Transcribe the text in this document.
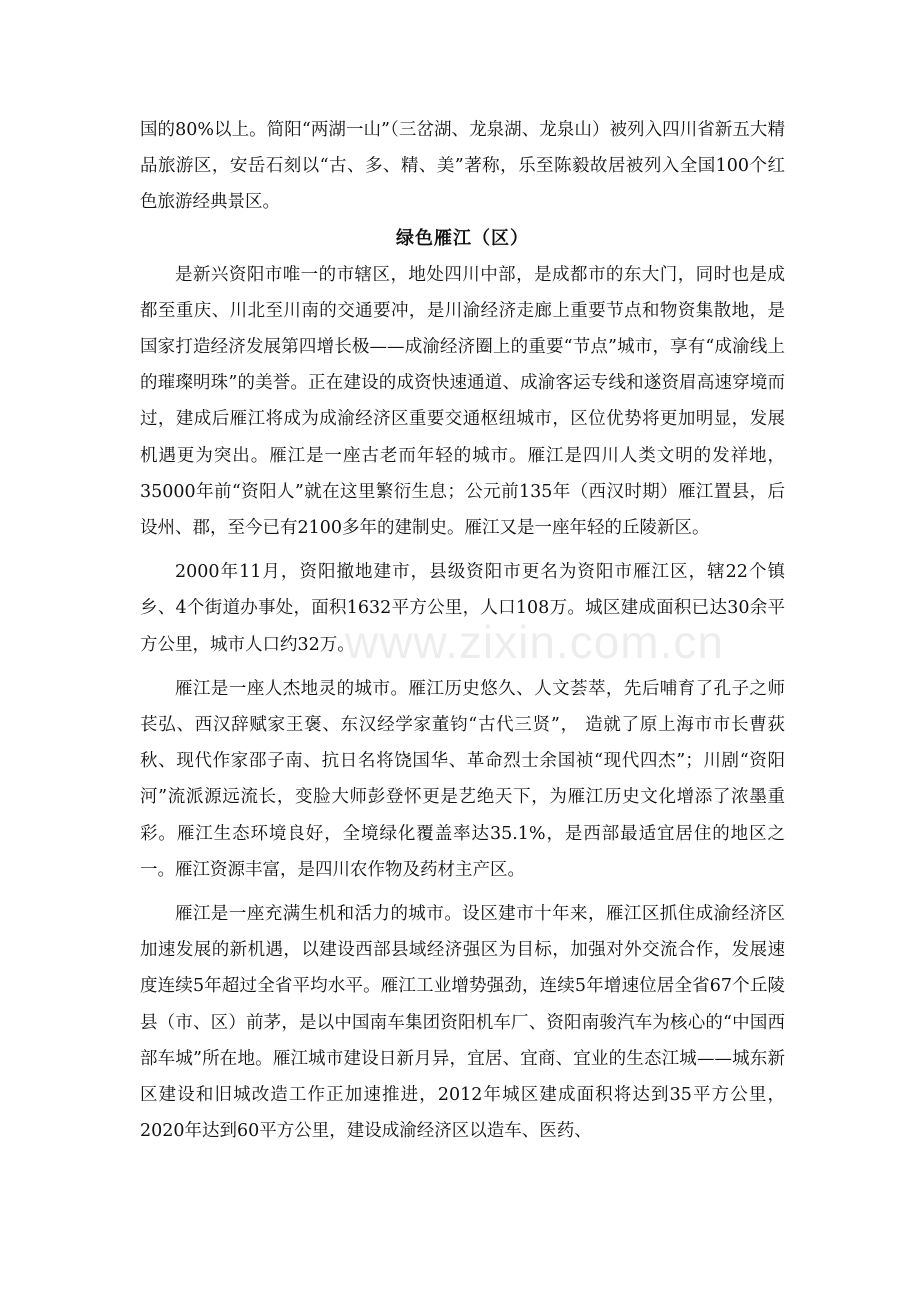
国的80%以上。简阳“两湖一山”（三岔湖、龙泉湖、龙泉山）被列入四川省新五大精品旅游区，安岳石刻以“古、多、精、美”著称，乐至陈毅故居被列入全国100个红色旅游经典景区。

绿色雁江（区）

是新兴资阳市唯一的市辖区，地处四川中部，是成都市的东大门，同时也是成都至重庆、川北至川南的交通要冲，是川渝经济走廊上重要节点和物资集散地，是国家打造经济发展第四增长极——成渝经济圈上的重要“节点”城市，享有“成渝线上的璀璨明珠”的美誉。正在建设的成资快速通道、成渝客运专线和遂资眉高速穿境而过，建成后雁江将成为成渝经济区重要交通枢纽城市，区位优势将更加明显，发展机遇更为突出。雁江是一座古老而年轻的城市。雁江是四川人类文明的发祥地，35000年前“资阳人”就在这里繁衍生息；公元前135年（西汉时期）雁江置县，后设州、郡，至今已有2100多年的建制史。雁江又是一座年轻的丘陵新区。

2000年11月，资阳撤地建市，县级资阳市更名为资阳市雁江区，辖22个镇乡、4个街道办事处，面积1632平方公里，人口108万。城区建成面积已达30余平方公里，城市人口约32万。

雁江是一座人杰地灵的城市。雁江历史悠久、人文荟萃，先后哺育了孔子之师苌弘、西汉辞赋家王褒、东汉经学家董钧“古代三贤”， 造就了原上海市市长曹荻秋、现代作家邵子南、抗日名将饶国华、革命烈士余国祯“现代四杰”；川剧“资阳河”流派源远流长，变脸大师彭登怀更是艺绝天下，为雁江历史文化增添了浓墨重彩。雁江生态环境良好，全境绿化覆盖率达35.1%，是西部最适宜居住的地区之一。雁江资源丰富，是四川农作物及药材主产区。

雁江是一座充满生机和活力的城市。设区建市十年来，雁江区抓住成渝经济区加速发展的新机遇，以建设西部县域经济强区为目标，加强对外交流合作，发展速度连续5年超过全省平均水平。雁江工业增势强劲，连续5年增速位居全省67个丘陵县（市、区）前茅，是以中国南车集团资阳机车厂、资阳南骏汽车为核心的“中国西部车城”所在地。雁江城市建设日新月异，宜居、宜商、宜业的生态江城——城东新区建设和旧城改造工作正加速推进，2012年城区建成面积将达到35平方公里，2020年达到60平方公里，建设成渝经济区以造车、医药、

www.zixin.com.cn
